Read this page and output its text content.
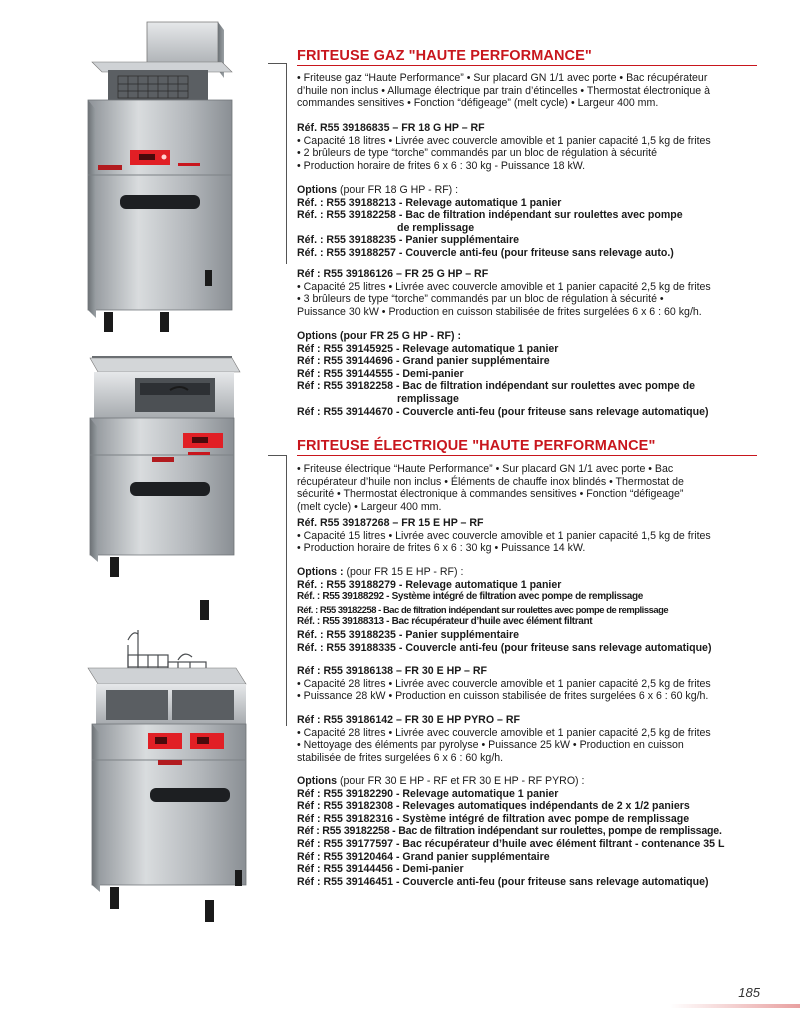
FRITEUSE GAZ "HAUTE PERFORMANCE"
• Friteuse gaz “Haute Performance” • Sur placard GN 1/1 avec porte • Bac récupérateur
d’huile non inclus • Allumage électrique par train d’étincelles • Thermostat électronique à
commandes sensitives • Fonction “défigeage” (melt cycle) • Largeur 400 mm.
Réf. R55 39186835 – FR 18 G HP – RF
• Capacité 18 litres • Livrée avec couvercle amovible et 1 panier capacité 1,5 kg de frites
• 2 brûleurs de type “torche” commandés par un bloc de régulation à sécurité
• Production horaire de frites 6 x 6 : 30 kg - Puissance 18 kW.
Options (pour FR 18 G HP - RF) :
Réf. : R55 39188213 - Relevage automatique 1 panier
Réf. : R55 39182258 - Bac de filtration indépendant sur roulettes avec pompe
de remplissage
Réf. : R55 39188235 - Panier supplémentaire
Réf. : R55 39188257 - Couvercle anti-feu (pour friteuse sans relevage auto.)
Réf : R55 39186126 – FR 25 G HP – RF
• Capacité 25 litres • Livrée avec couvercle amovible et 1 panier capacité 2,5 kg de frites
• 3 brûleurs de type “torche” commandés par un bloc de régulation à sécurité •
Puissance 30 kW • Production en cuisson stabilisée de frites surgelées 6 x 6 : 60 kg/h.
Options (pour FR 25 G HP - RF) :
Réf : R55 39145925 - Relevage automatique 1 panier
Réf : R55 39144696 - Grand panier supplémentaire
Réf : R55 39144555 - Demi-panier
Réf : R55 39182258 - Bac de filtration indépendant sur roulettes avec pompe de
remplissage
Réf : R55 39144670 - Couvercle anti-feu (pour friteuse sans relevage automatique)
FRITEUSE ÉLECTRIQUE "HAUTE PERFORMANCE"
• Friteuse électrique “Haute Performance” • Sur placard GN 1/1 avec porte • Bac
récupérateur d’huile non inclus • Éléments de chauffe inox blindés • Thermostat de
sécurité • Thermostat électronique à commandes sensitives • Fonction “défigeage”
(melt cycle) • Largeur 400 mm.
Réf. R55 39187268 – FR 15 E HP – RF
• Capacité 15 litres • Livrée avec couvercle amovible et 1 panier capacité 1,5 kg de frites
• Production horaire de frites 6 x 6 : 30 kg • Puissance 14 kW.
Options : (pour FR 15 E HP - RF) :
Réf. : R55 39188279 - Relevage automatique 1 panier
Réf. : R55 39188292 - Système intégré de filtration avec pompe de remplissage
Réf. : R55 39182258 - Bac de filtration indépendant sur roulettes avec pompe de remplissage
Réf. : R55 39188313 - Bac récupérateur d’huile avec élément filtrant
Réf. : R55 39188235 - Panier supplémentaire
Réf. : R55 39188335 - Couvercle anti-feu (pour friteuse sans relevage automatique)
Réf : R55 39186138 – FR 30 E HP – RF
• Capacité 28 litres • Livrée avec couvercle amovible et 1 panier capacité 2,5 kg de frites
• Puissance 28 kW • Production en cuisson stabilisée de frites surgelées 6 x 6 : 60 kg/h.
Réf : R55 39186142 – FR 30 E HP PYRO – RF
• Capacité 28 litres • Livrée avec couvercle amovible et 1 panier capacité 2,5 kg de frites
• Nettoyage des éléments par pyrolyse • Puissance 25 kW • Production en cuisson
stabilisée de frites surgelées 6 x 6 : 60 kg/h.
Options (pour FR 30 E HP - RF et FR 30 E HP - RF PYRO) :
Réf : R55 39182290 - Relevage automatique 1 panier
Réf : R55 39182308 - Relevages automatiques indépendants de 2 x 1/2 paniers
Réf : R55 39182316 - Système intégré de filtration avec pompe de remplissage
Réf : R55 39182258 - Bac de filtration indépendant sur roulettes, pompe de remplissage.
Réf : R55 39177597 - Bac récupérateur d’huile avec élément filtrant - contenance 35 L
Réf : R55 39120464 - Grand panier supplémentaire
Réf : R55 39144456 - Demi-panier
Réf : R55 39146451 - Couvercle anti-feu (pour friteuse sans relevage automatique)
185
